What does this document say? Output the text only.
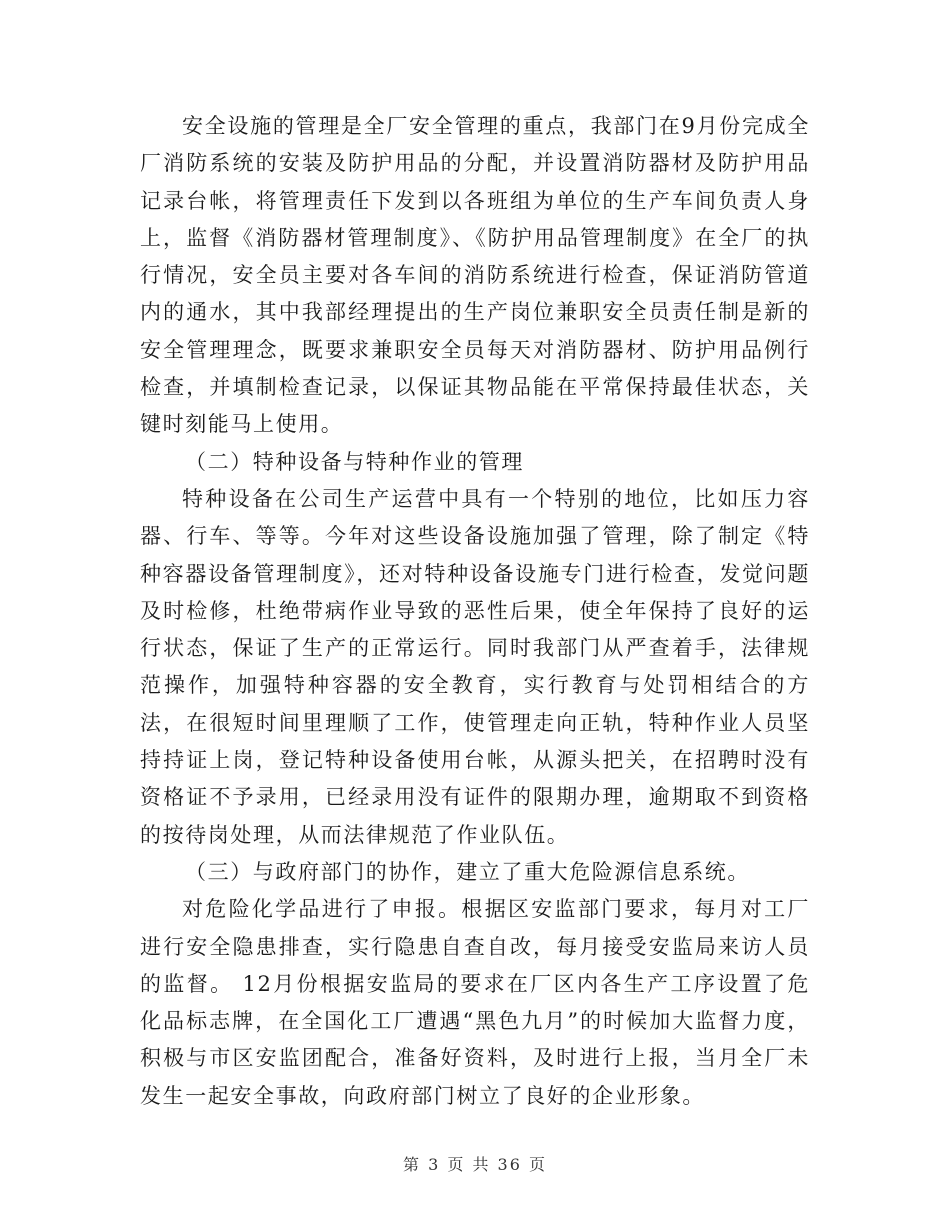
安全设施的管理是全厂安全管理的重点，我部门在9月份完成全厂消防系统的安装及防护用品的分配，并设置消防器材及防护用品记录台帐，将管理责任下发到以各班组为单位的生产车间负责人身上，监督《消防器材管理制度》、《防护用品管理制度》在全厂的执行情况，安全员主要对各车间的消防系统进行检查，保证消防管道内的通水，其中我部经理提出的生产岗位兼职安全员责任制是新的安全管理理念，既要求兼职安全员每天对消防器材、防护用品例行检查，并填制检查记录，以保证其物品能在平常保持最佳状态，关键时刻能马上使用。

（二）特种设备与特种作业的管理

特种设备在公司生产运营中具有一个特别的地位，比如压力容器、行车、等等。今年对这些设备设施加强了管理，除了制定《特种容器设备管理制度》，还对特种设备设施专门进行检查，发觉问题及时检修，杜绝带病作业导致的恶性后果，使全年保持了良好的运行状态，保证了生产的正常运行。同时我部门从严查着手，法律规范操作，加强特种容器的安全教育，实行教育与处罚相结合的方法，在很短时间里理顺了工作，使管理走向正轨，特种作业人员坚持持证上岗，登记特种设备使用台帐，从源头把关，在招聘时没有资格证不予录用，已经录用没有证件的限期办理，逾期取不到资格的按待岗处理，从而法律规范了作业队伍。

（三）与政府部门的协作，建立了重大危险源信息系统。

对危险化学品进行了申报。根据区安监部门要求，每月对工厂进行安全隐患排查，实行隐患自查自改，每月接受安监局来访人员的监督。 12月份根据安监局的要求在厂区内各生产工序设置了危化品标志牌，在全国化工厂遭遇“黑色九月”的时候加大监督力度，积极与市区安监团配合，准备好资料，及时进行上报，当月全厂未发生一起安全事故，向政府部门树立了良好的企业形象。

第 3 页 共 36 页
